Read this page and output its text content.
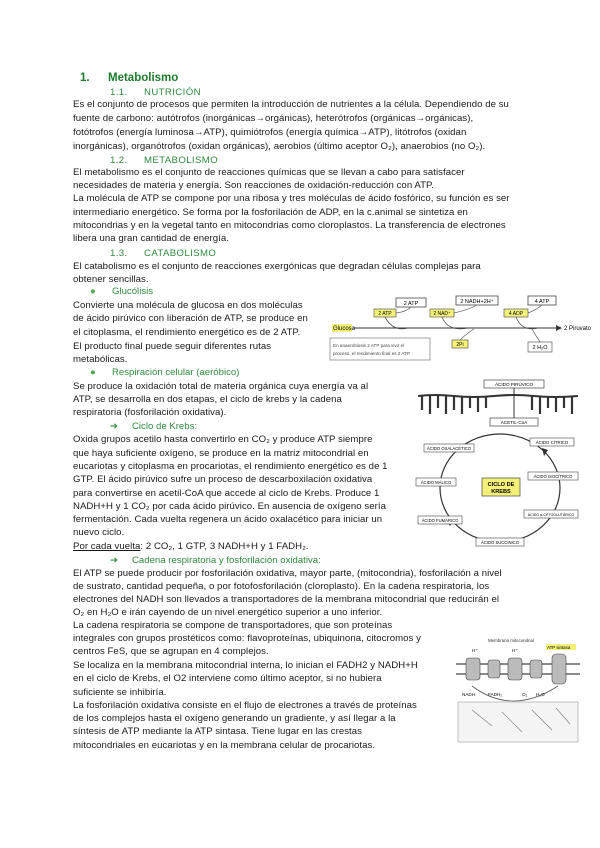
1. Metabolismo
1.1. NUTRICIÓN
Es el conjunto de procesos que permiten la introducción de nutrientes a la célula. Dependiendo de su
fuente de carbono: autótrofos (inorgánicas→orgánicas), heterótrofos (orgánicas→orgánicas),
fotótrofos (energía luminosa→ATP), quimiótrofos (energía química→ATP), litótrofos (oxidan
inorgánicas), organótrofos (oxidan orgánicas), aerobios (último aceptor O₂), anaerobios (no O₂).
1.2. METABOLISMO
El metabolismo es el conjunto de reacciones químicas que se llevan a cabo para satisfacer
necesidades de materia y energía. Son reacciones de oxidación-reducción con ATP.
La molécula de ATP se compone por una ribosa y tres moléculas de ácido fosfórico, su función es ser
intermediario energético. Se forma por la fosforilación de ADP, en la c.animal se sintetiza en
mitocondrias y en la vegetal tanto en mitocondrias como cloroplastos. La transferencia de electrones
libera una gran cantidad de energía.
1.3. CATABOLISMO
El catabolismo es el conjunto de reacciones exergónicas que degradan células complejas para
obtener sencillas.
● Glucólisis
Convierte una molécula de glucosa en dos moléculas
de ácido pirúvico con liberación de ATP, se produce en
el citoplasma, el rendimiento energético es de 2 ATP.
El producto final puede seguir diferentes rutas
metabólicas.
● Respiración celular (aeróbico)
Se produce la oxidación total de materia orgánica cuya energía va al
ATP, se desarrolla en dos etapas, el ciclo de krebs y la cadena
respiratoria (fosforilación oxidativa).
➔ Ciclo de Krebs:
Oxida grupos acetilo hasta convertirlo en CO₂ y produce ATP siempre
que haya suficiente oxígeno, se produce en la matriz mitocondrial en
eucariotas y citoplasma en procariotas, el rendimiento energético es de 1
GTP. El ácido pirúvico sufre un proceso de descarboxilación oxidativa
para convertirse en acetil-CoA que accede al ciclo de Krebs. Produce 1
NADH+H y 1 CO₂ por cada ácido pirúvico. En ausencia de oxígeno sería
fermentación. Cada vuelta regenera un ácido oxalacético para iniciar un
nuevo ciclo.
Por cada vuelta: 2 CO₂, 1 GTP, 3 NADH+H y 1 FADH₂.
➔ Cadena respiratoria y fosforilación oxidativa:
El ATP se puede producir por fosforilación oxidativa, mayor parte, (mitocondria), fosforilación a nivel
de sustrato, cantidad pequeña, o por fotofosforilación (cloroplasto). En la cadena respiratoria, los
electrones del NADH son llevados a transportadores de la membrana mitocondrial que reducirán el
O₂ en H₂O e irán cayendo de un nivel energético superior a uno inferior.
La cadena respiratoria se compone de transportadores, que son proteínas
integrales con grupos prostéticos como: flavoproteínas, ubiquinona, citocromos y
centros FeS, que se agrupan en 4 complejos.
Se localiza en la membrana mitocondrial interna, lo inician el FADH2 y NADH+H
en el ciclo de Krebs, el O2 interviene como último aceptor, si no hubiera
suficiente se inhibiría.
La fosforilación oxidativa consiste en el flujo de electrones a través de proteínas
de los complejos hasta el oxígeno generando un gradiente, y así llegar a la
síntesis de ATP mediante la ATP sintasa. Tiene lugar en las crestas
mitocondriales en eucariotas y en la membrana celular de procariotas.
2 ATP	2 NADH+2H⁺	4 ATP
2 ATP	2 NAD⁺	4 ADP
Glucosa	2 Piruvato
En anaerobiosis 2 ATP para vivir el
proceso, el rendimiento final es 2 ATP
2Pi	2 H₂O
ÁCIDO PIRÚVICO
ACETIL-CoA
CICLO DE
KREBS
ÁCIDO CÍTRICO
ÁCIDO ISOCÍTRICO
ÁCIDO α-CETOGLUTÁRICO
ÁCIDO SUCCINICO
ÁCIDO FUMÁRICO
ÁCIDO MÁLICO
ÁCIDO OXALACÉTICO
Membrana mitocondrial
ATP sintasa
H⁺	H⁺
NADH	FADH₂	O₂ H₂O
